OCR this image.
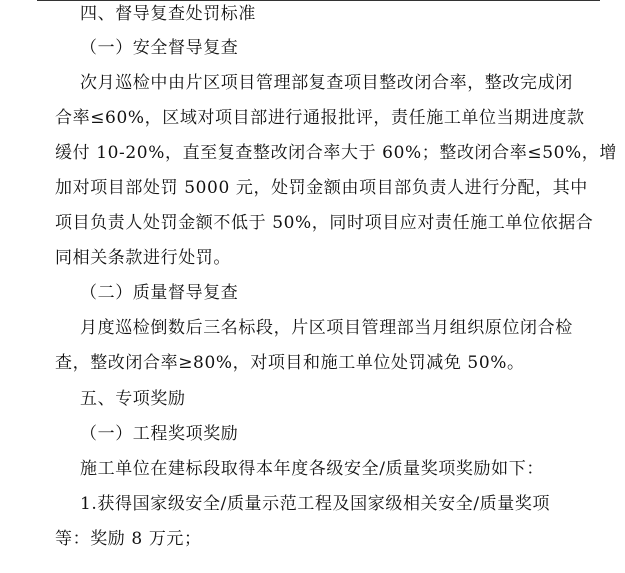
四、督导复查处罚标准
（一）安全督导复查
次月巡检中由片区项目管理部复查项目整改闭合率，整改完成闭
合率≤60%，区域对项目部进行通报批评，责任施工单位当期进度款
缓付 10-20%，直至复查整改闭合率大于 60%；整改闭合率≤50%，增
加对项目部处罚 5000 元，处罚金额由项目部负责人进行分配，其中
项目负责人处罚金额不低于 50%，同时项目应对责任施工单位依据合
同相关条款进行处罚。
（二）质量督导复查
月度巡检倒数后三名标段，片区项目管理部当月组织原位闭合检
查，整改闭合率≥80%，对项目和施工单位处罚减免 50%。
五、专项奖励
（一）工程奖项奖励
施工单位在建标段取得本年度各级安全/质量奖项奖励如下：
1.获得国家级安全/质量示范工程及国家级相关安全/质量奖项
等：奖励 8 万元；
